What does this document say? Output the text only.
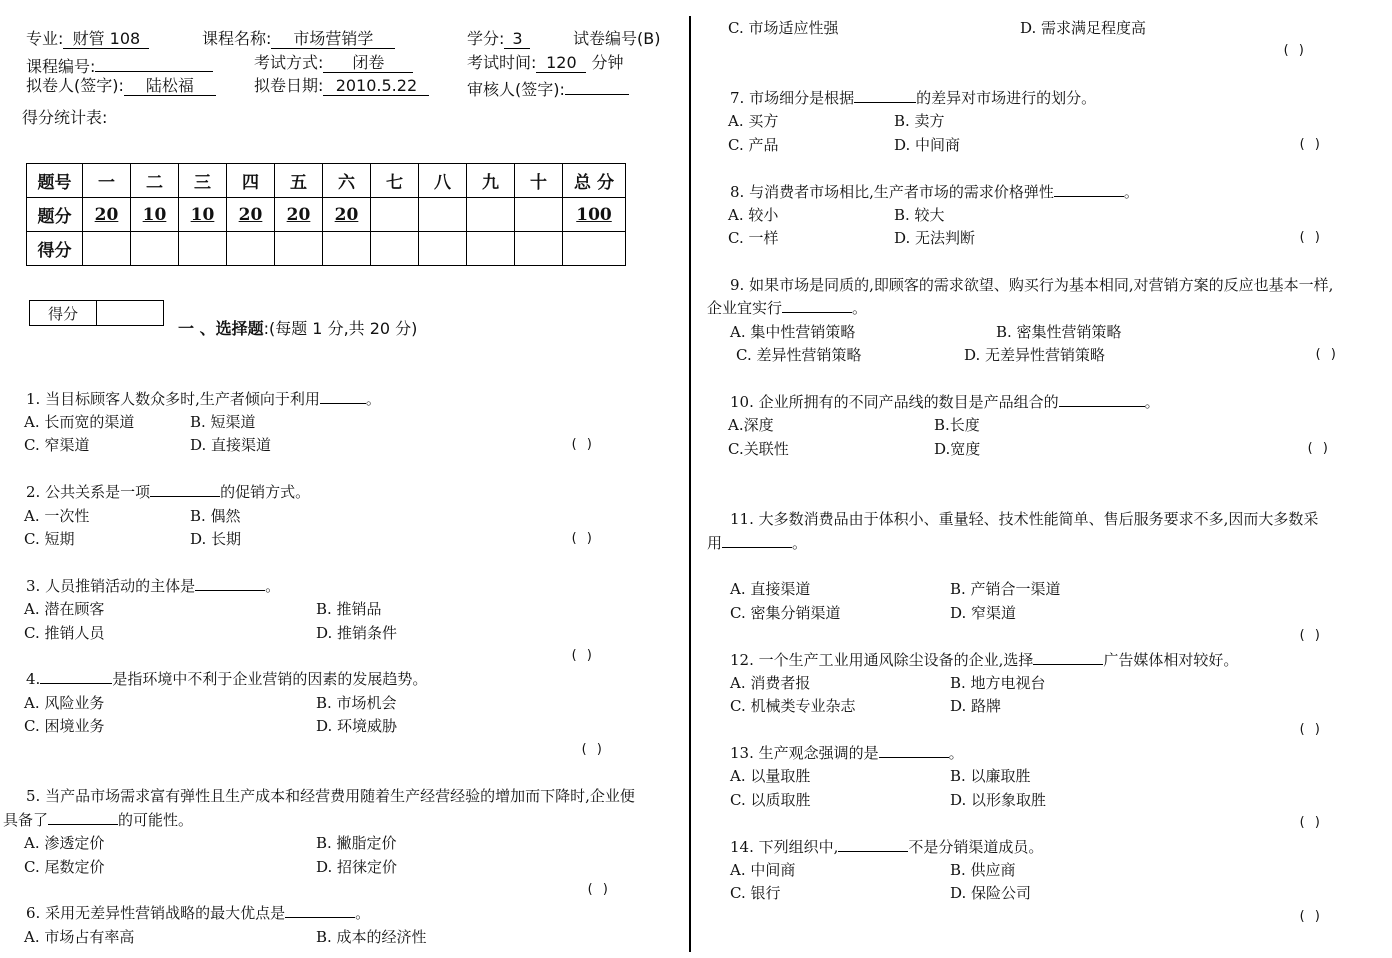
专业: 财管 108	课程名称: 市场营销学	学分: 3	试卷编号(B)
课程编号:	考试方式: 闭卷	考试时间: 120 分钟
拟卷人(签字): 陆松福	拟卷日期: 2010.5.22	审核人(签字):
得分统计表:
题号	一	二	三	四	五	六	七	八	九	十	总 分
题分	20	10	10	20	20	20					100
得分											
得分	
一 、选择题:(每题 1 分,共 20 分)
1. 当目标顾客人数众多时,生产者倾向于利用	。
A. 长而宽的渠道	B. 短渠道
C. 窄渠道	D. 直接渠道	( )
2. 公共关系是一项	的促销方式。
A. 一次性	B. 偶然
C. 短期	D. 长期	( )
3. 人员推销活动的主体是	。
A. 潜在顾客	B. 推销品
C. 推销人员	D. 推销条件
( )
4.	是指环境中不利于企业营销的因素的发展趋势。
A. 风险业务	B. 市场机会
C. 困境业务	D. 环境威胁
( )
5. 当产品市场需求富有弹性且生产成本和经营费用随着生产经营经验的增加而下降时,企业便
具备了	的可能性。
A. 渗透定价	B. 撇脂定价
C. 尾数定价	D. 招徕定价
( )
6. 采用无差异性营销战略的最大优点是	。
A. 市场占有率高	B. 成本的经济性
C. 市场适应性强	D. 需求满足程度高
( )
7. 市场细分是根据	的差异对市场进行的划分。
A. 买方	B. 卖方
C. 产品	D. 中间商	( )
8. 与消费者市场相比,生产者市场的需求价格弹性	。
A. 较小	B. 较大
C. 一样	D. 无法判断	( )
9. 如果市场是同质的,即顾客的需求欲望、购买行为基本相同,对营销方案的反应也基本一样,
企业宜实行	。
A. 集中性营销策略	B. 密集性营销策略
C. 差异性营销策略	D. 无差异性营销策略	( )
10. 企业所拥有的不同产品线的数目是产品组合的	。
A.深度	B.长度
C.关联性	D.宽度	( )
11. 大多数消费品由于体积小、重量轻、技术性能简单、售后服务要求不多,因而大多数采
用	。
A. 直接渠道	B. 产销合一渠道
C. 密集分销渠道	D. 窄渠道
( )
12. 一个生产工业用通风除尘设备的企业,选择	广告媒体相对较好。
A. 消费者报	B. 地方电视台
C. 机械类专业杂志	D. 路牌
( )
13. 生产观念强调的是	。
A. 以量取胜	B. 以廉取胜
C. 以质取胜	D. 以形象取胜
( )
14. 下列组织中,	不是分销渠道成员。
A. 中间商	B. 供应商
C. 银行	D. 保险公司
( )
